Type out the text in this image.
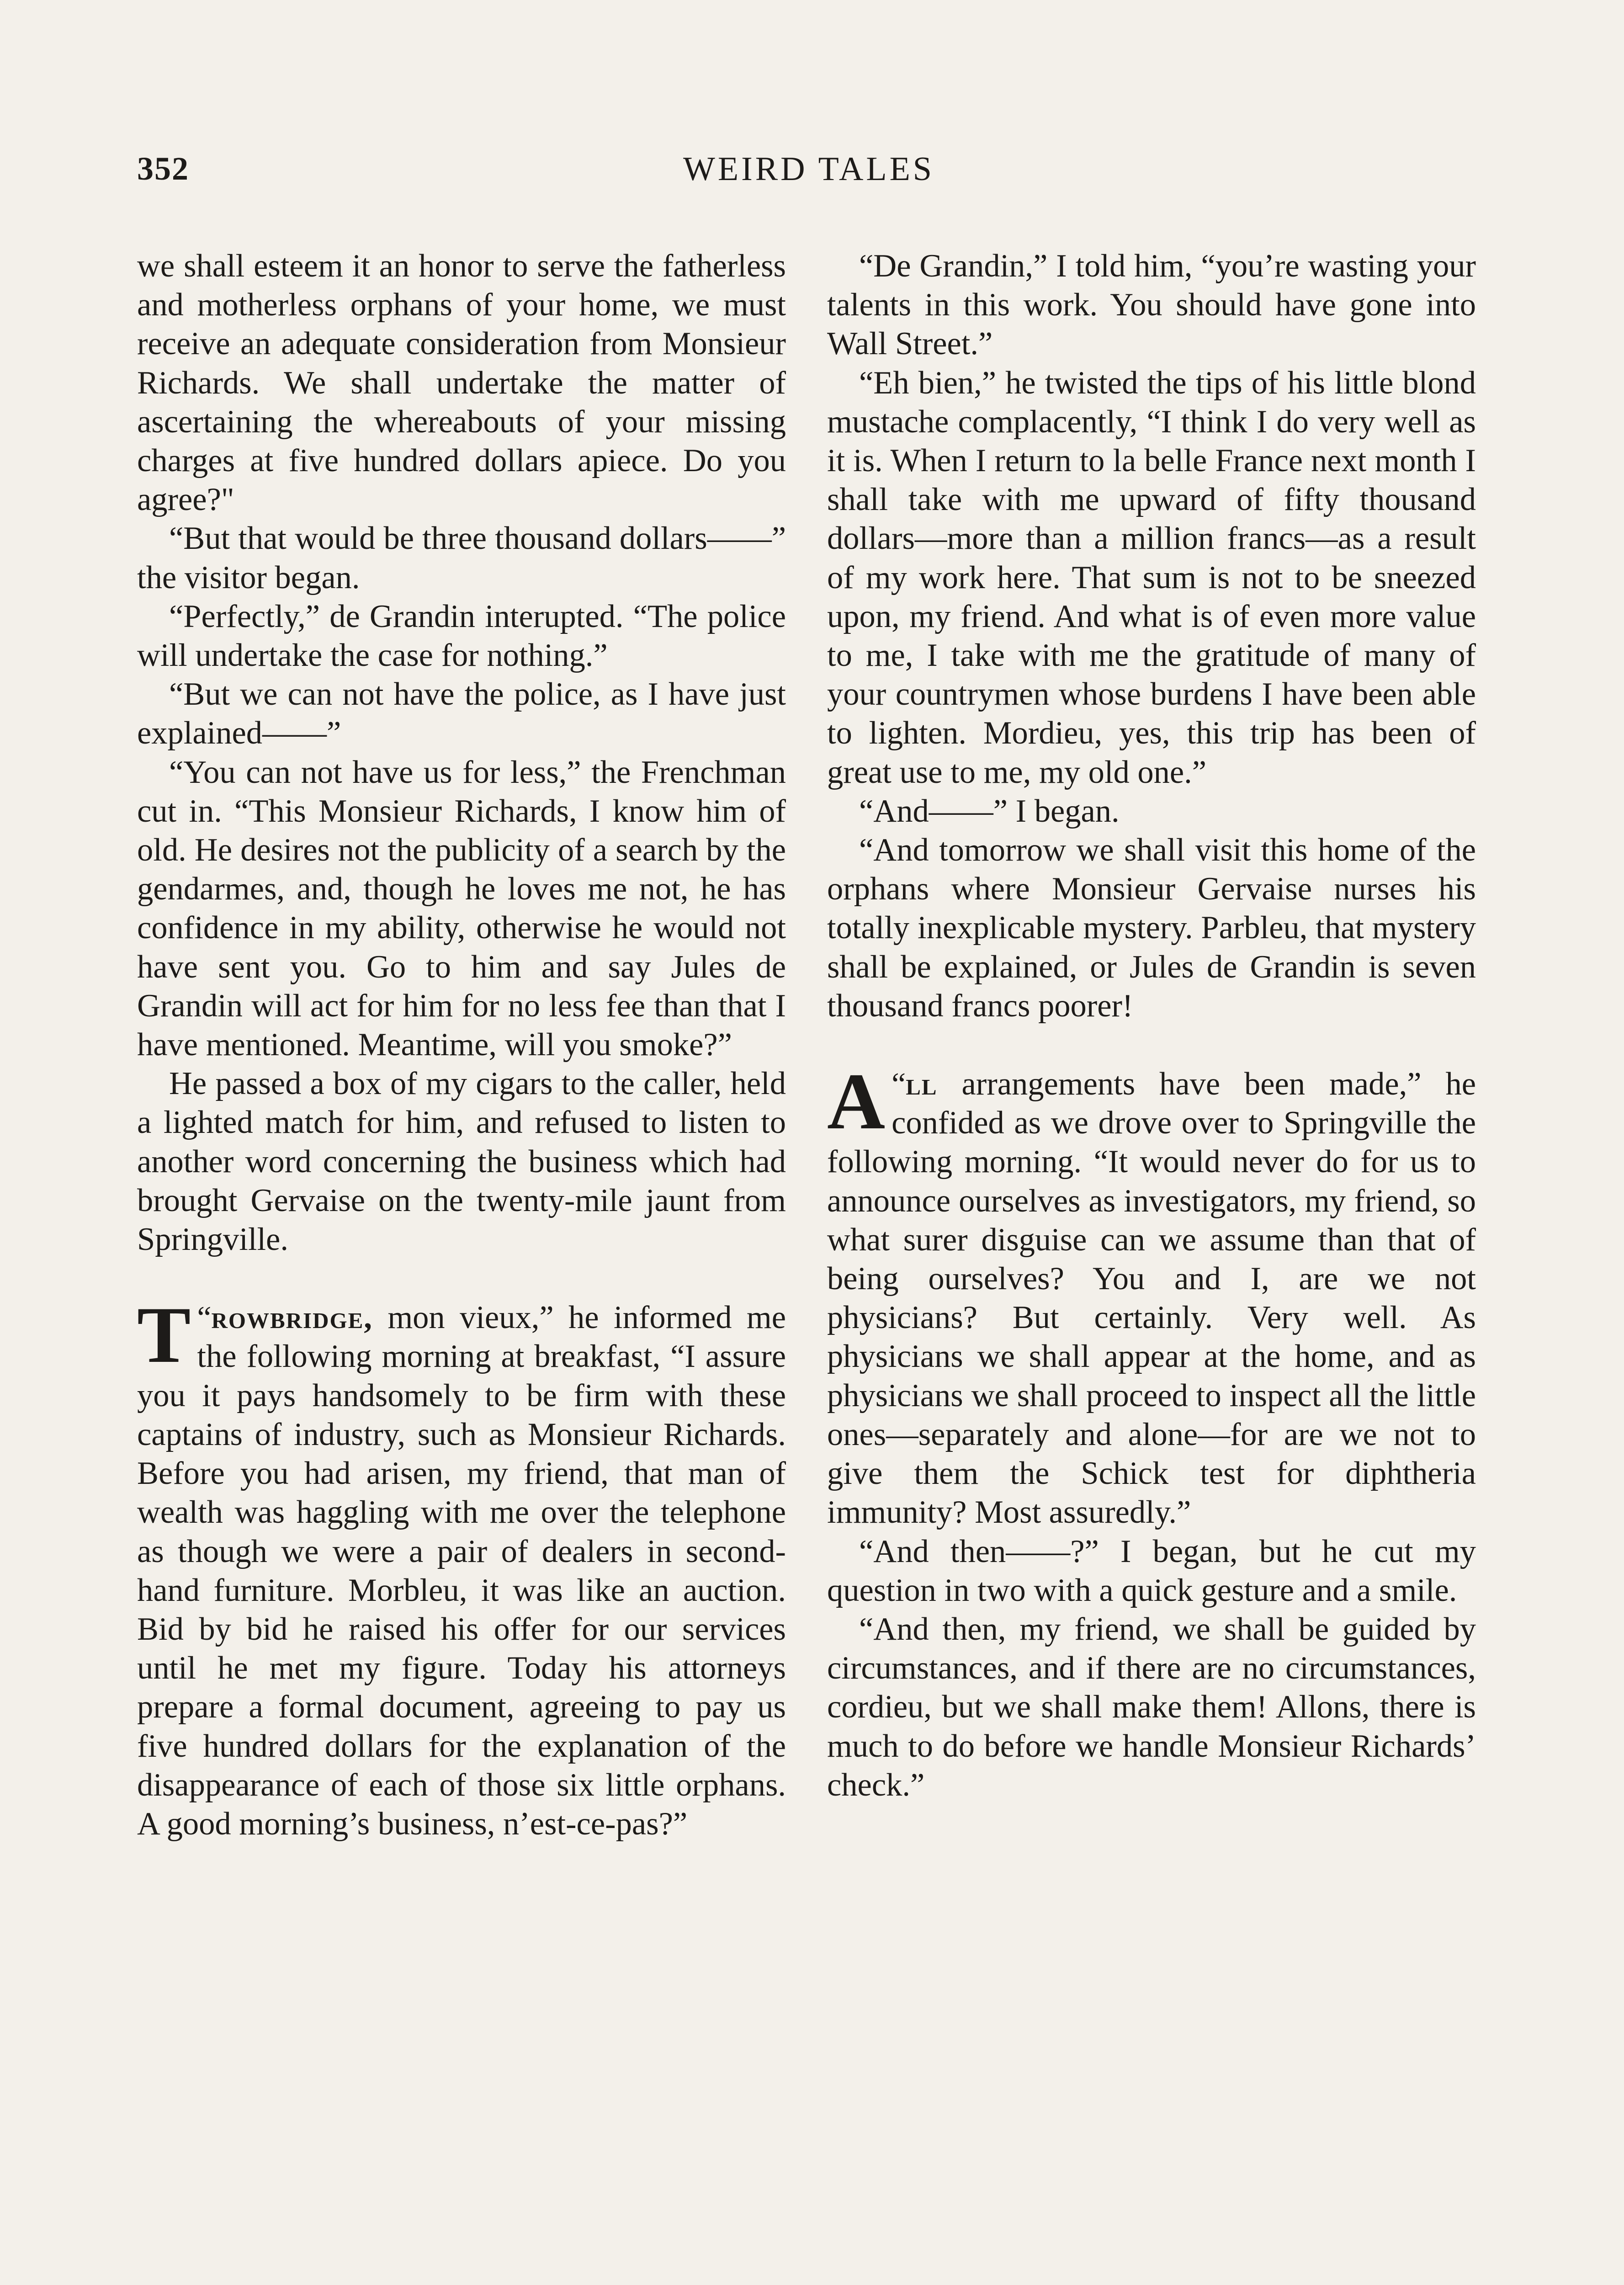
352	WEIRD TALES

we shall esteem it an honor to serve the fatherless and motherless orphans of your home, we must receive an adequate consideration from Monsieur Richards. We shall undertake the matter of ascertaining the whereabouts of your missing charges at five hundred dollars apiece. Do you agree?"

“But that would be three thousand dollars——” the visitor began.

“Perfectly,” de Grandin interupted. “The police will undertake the case for nothing.”

“But we can not have the police, as I have just explained——”

“You can not have us for less,” the Frenchman cut in. “This Monsieur Richards, I know him of old. He desires not the publicity of a search by the gendarmes, and, though he loves me not, he has confidence in my ability, otherwise he would not have sent you. Go to him and say Jules de Grandin will act for him for no less fee than that I have mentioned. Meantime, will you smoke?”

He passed a box of my cigars to the caller, held a lighted match for him, and refused to listen to another word concerning the business which had brought Gervaise on the twenty-mile jaunt from Springville.

“
T rowbridge, mon vieux,” he informed me the following morning at breakfast, “I assure you it pays handsomely to be firm with these captains of industry, such as Monsieur Richards. Before you had arisen, my friend, that man of wealth was haggling with me over the telephone as though we were a pair of dealers in second-hand furniture. Morbleu, it was like an auction. Bid by bid he raised his offer for our services until he met my figure. Today his attorneys prepare a formal document, agreeing to pay us five hundred dollars for the explanation of the disappearance of each of those six little orphans. A good morning’s business, n’est-ce-pas?”

“De Grandin,” I told him, “you’re wasting your talents in this work. You should have gone into Wall Street.”

“Eh bien,” he twisted the tips of his little blond mustache complacently, “I think I do very well as it is. When I return to la belle France next month I shall take with me upward of fifty thousand dollars—more than a million francs—as a result of my work here. That sum is not to be sneezed upon, my friend. And what is of even more value to me, I take with me the gratitude of many of your countrymen whose burdens I have been able to lighten. Mordieu, yes, this trip has been of great use to me, my old one.”

“And——” I began.

“And tomorrow we shall visit this home of the orphans where Monsieur Gervaise nurses his totally inexplicable mystery. Parbleu, that mystery shall be explained, or Jules de Grandin is seven thousand francs poorer!

“
A ll arrangements have been made,” he confided as we drove over to Springville the following morning. “It would never do for us to announce ourselves as investigators, my friend, so what surer disguise can we assume than that of being ourselves? You and I, are we not physicians? But certainly. Very well. As physicians we shall appear at the home, and as physicians we shall proceed to inspect all the little ones—separately and alone—for are we not to give them the Schick test for diphtheria immunity? Most assuredly.”

“And then——?” I began, but he cut my question in two with a quick gesture and a smile.

“And then, my friend, we shall be guided by circumstances, and if there are no circumstances, cordieu, but we shall make them! Allons, there is much to do before we handle Monsieur Richards’ check.”
